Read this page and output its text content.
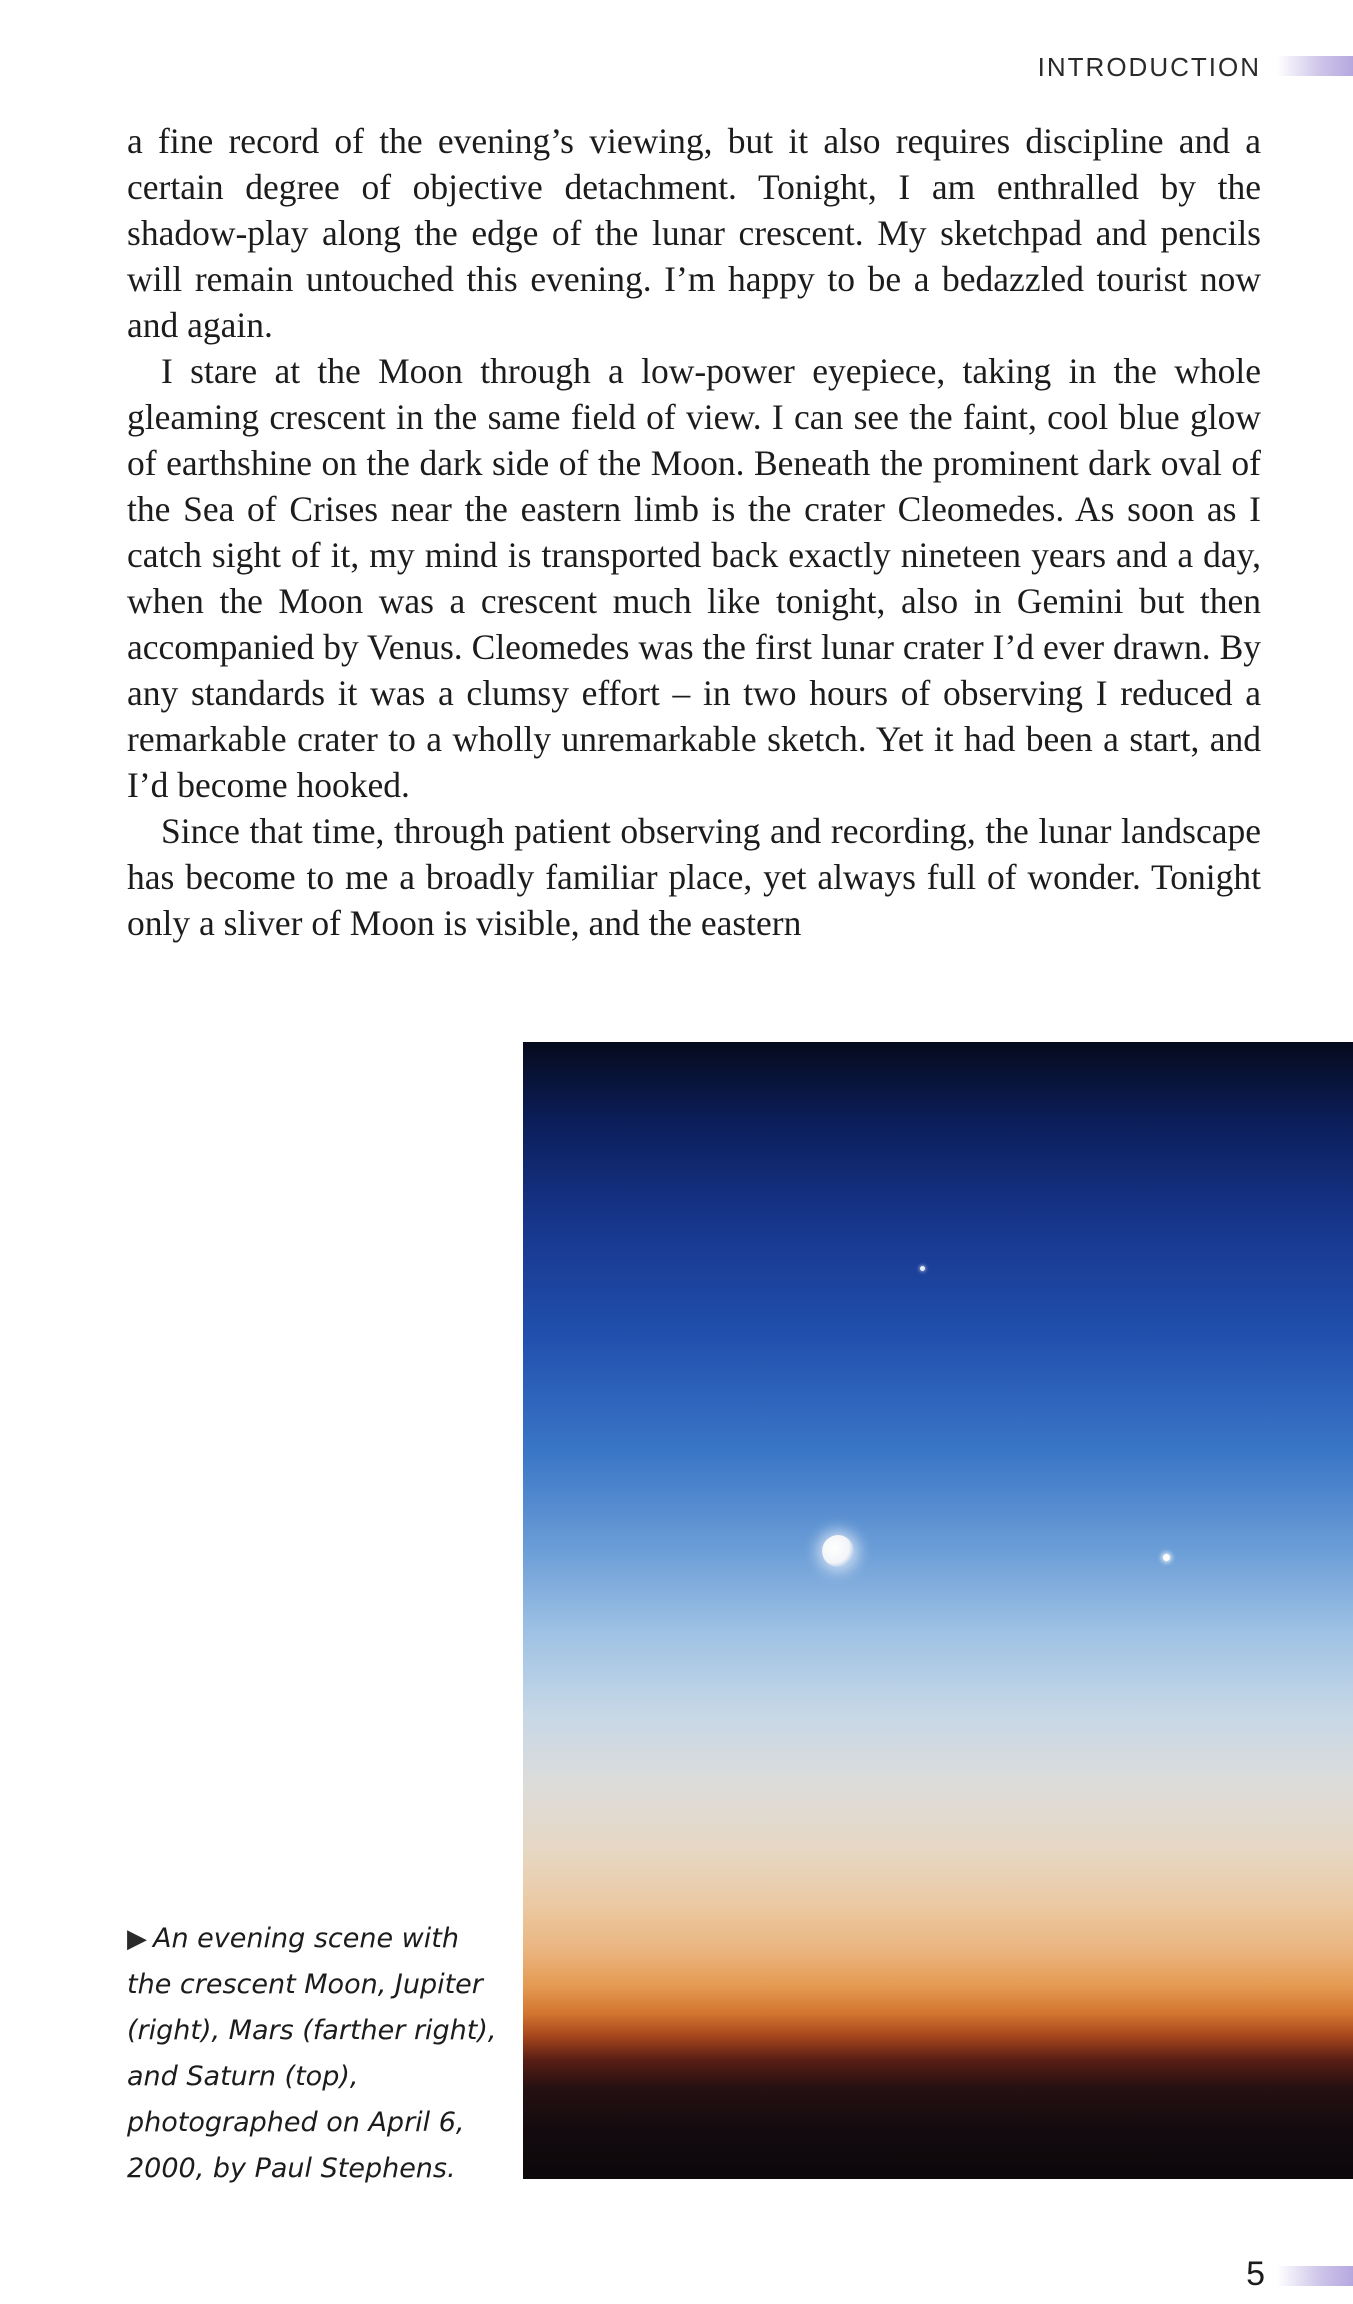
INTRODUCTION

a fine record of the evening’s viewing, but it also requires discipline and a certain degree of objective detachment. Tonight, I am enthralled by the shadow-play along the edge of the lunar crescent. My sketchpad and pencils will remain untouched this evening. I’m happy to be a bedazzled tourist now and again.

I stare at the Moon through a low-power eyepiece, taking in the whole gleaming crescent in the same field of view. I can see the faint, cool blue glow of earthshine on the dark side of the Moon. Beneath the prominent dark oval of the Sea of Crises near the eastern limb is the crater Cleomedes. As soon as I catch sight of it, my mind is transported back exactly nineteen years and a day, when the Moon was a crescent much like tonight, also in Gemini but then accompanied by Venus. Cleomedes was the first lunar crater I’d ever drawn. By any standards it was a clumsy effort – in two hours of observing I reduced a remarkable crater to a wholly unremarkable sketch. Yet it had been a start, and I’d become hooked.

Since that time, through patient observing and recording, the lunar landscape has become to me a broadly familiar place, yet always full of wonder. Tonight only a sliver of Moon is visible, and the eastern

▶ An evening scene with the crescent Moon, Jupiter (right), Mars (farther right), and Saturn (top), photographed on April 6, 2000, by Paul Stephens.
5
